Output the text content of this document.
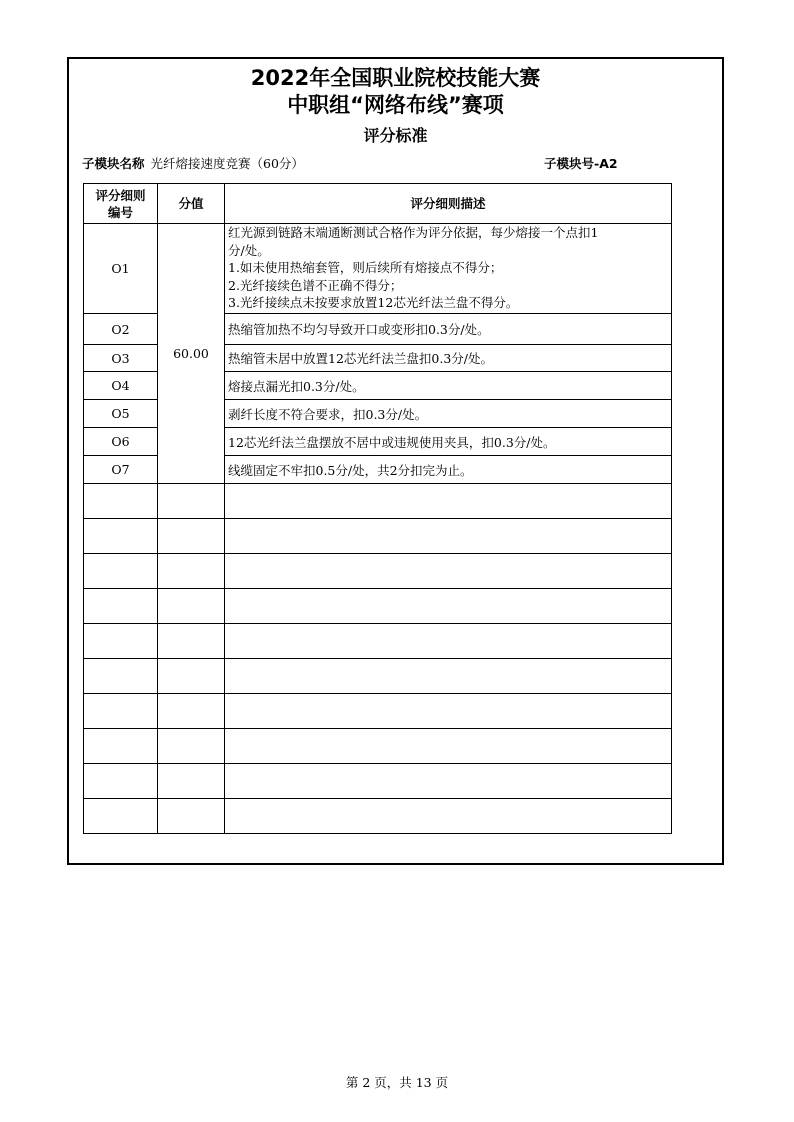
2022年全国职业院校技能大赛
中职组“网络布线”赛项
评分标准
子模块名称 光纤熔接速度竞赛（60分）	子模块号-A2
评分细则
编号	分值	评分细则描述
O1	60.00	红光源到链路末端通断测试合格作为评分依据，每少熔接一个点扣1
分/处。
1.如未使用热缩套管，则后续所有熔接点不得分；
2.光纤接续色谱不正确不得分；
3.光纤接续点未按要求放置12芯光纤法兰盘不得分。

O2		热缩管加热不均匀导致开口或变形扣0.3分/处。
O3		热缩管未居中放置12芯光纤法兰盘扣0.3分/处。
O4		熔接点漏光扣0.3分/处。
O5		剥纤长度不符合要求，扣0.3分/处。
O6		12芯光纤法兰盘摆放不居中或违规使用夹具，扣0.3分/处。
O7		线缆固定不牢扣0.5分/处，共2分扣完为止。

第 2 页，共 13 页
